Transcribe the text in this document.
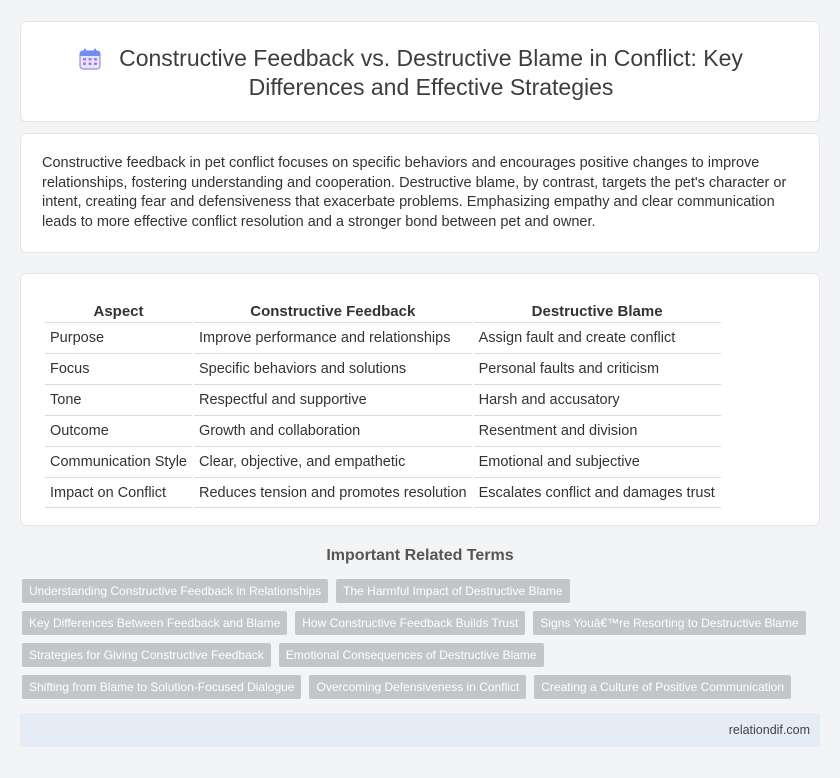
Constructive Feedback vs. Destructive Blame in Conflict: Key Differences and Effective Strategies

Constructive feedback in pet conflict focuses on specific behaviors and encourages positive changes to improve relationships, fostering understanding and cooperation. Destructive blame, by contrast, targets the pet's character or intent, creating fear and defensiveness that exacerbate problems. Emphasizing empathy and clear communication leads to more effective conflict resolution and a stronger bond between pet and owner.

Aspect	Constructive Feedback	Destructive Blame
Purpose	Improve performance and relationships	Assign fault and create conflict
Focus	Specific behaviors and solutions	Personal faults and criticism
Tone	Respectful and supportive	Harsh and accusatory
Outcome	Growth and collaboration	Resentment and division
Communication Style	Clear, objective, and empathetic	Emotional and subjective
Impact on Conflict	Reduces tension and promotes resolution	Escalates conflict and damages trust
Important Related Terms
Understanding Constructive Feedback in Relationships	The Harmful Impact of Destructive Blame
Key Differences Between Feedback and Blame	How Constructive Feedback Builds Trust	Signs Youâ€™re Resorting to Destructive Blame
Strategies for Giving Constructive Feedback	Emotional Consequences of Destructive Blame
Shifting from Blame to Solution-Focused Dialogue	Overcoming Defensiveness in Conflict	Creating a Culture of Positive Communication
relationdif.com
